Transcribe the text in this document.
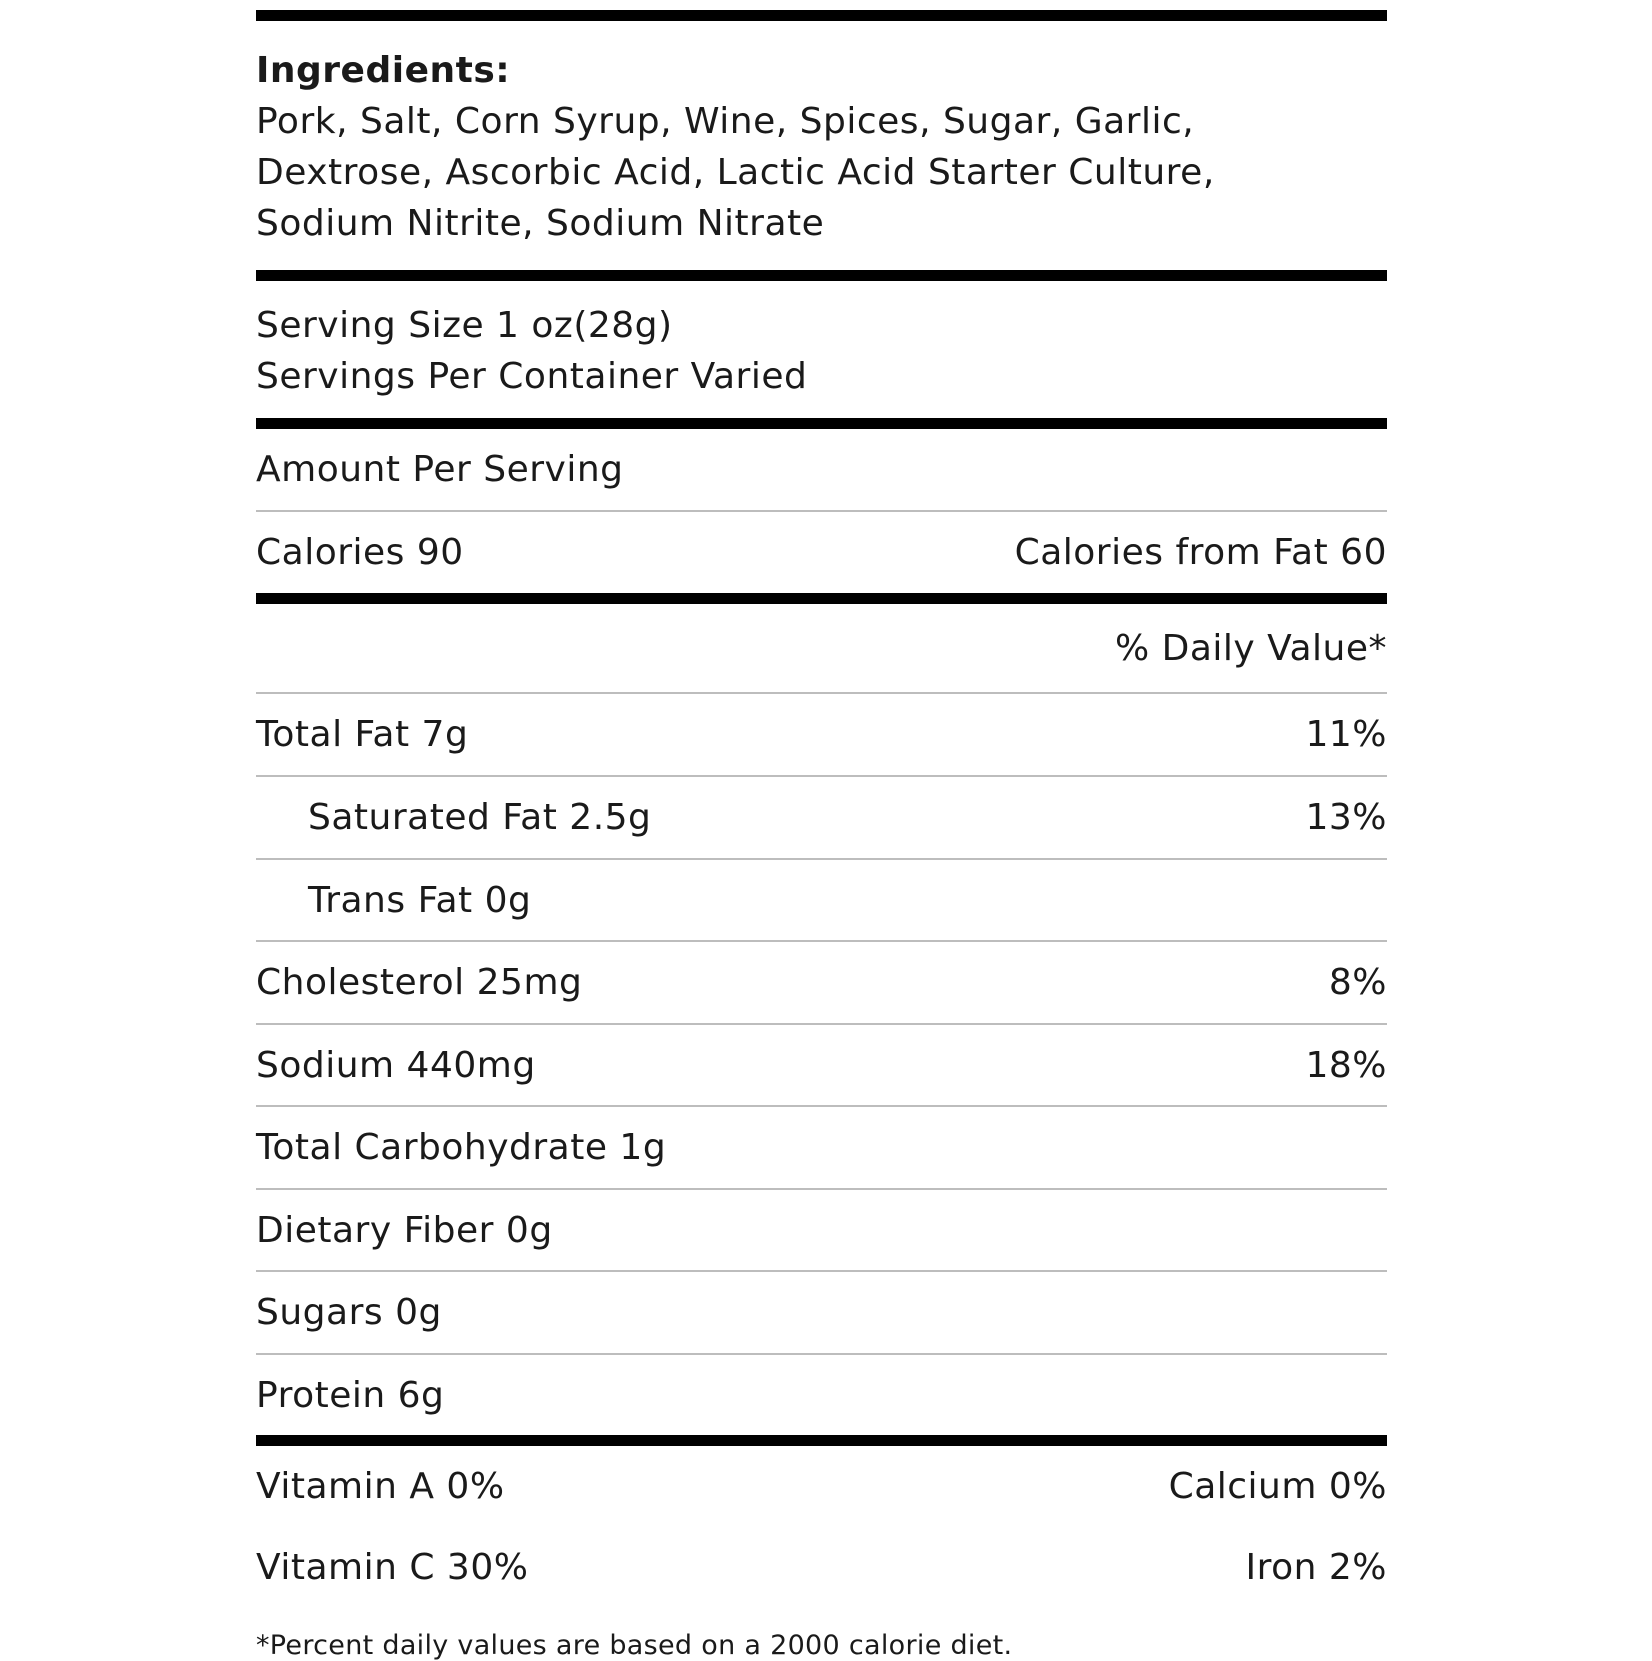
Ingredients:
Pork, Salt, Corn Syrup, Wine, Spices, Sugar, Garlic,
Dextrose, Ascorbic Acid, Lactic Acid Starter Culture,
Sodium Nitrite, Sodium Nitrate
Serving Size 1 oz(28g)
Servings Per Container Varied
Amount Per Serving
Calories 90	Calories from Fat 60
% Daily Value*
Total Fat 7g	11%
Saturated Fat 2.5g	13%
Trans Fat 0g
Cholesterol 25mg	8%
Sodium 440mg	18%
Total Carbohydrate 1g
Dietary Fiber 0g
Sugars 0g
Protein 6g
Vitamin A 0%	Calcium 0%
Vitamin C 30%	Iron 2%
*Percent daily values are based on a 2000 calorie diet.
